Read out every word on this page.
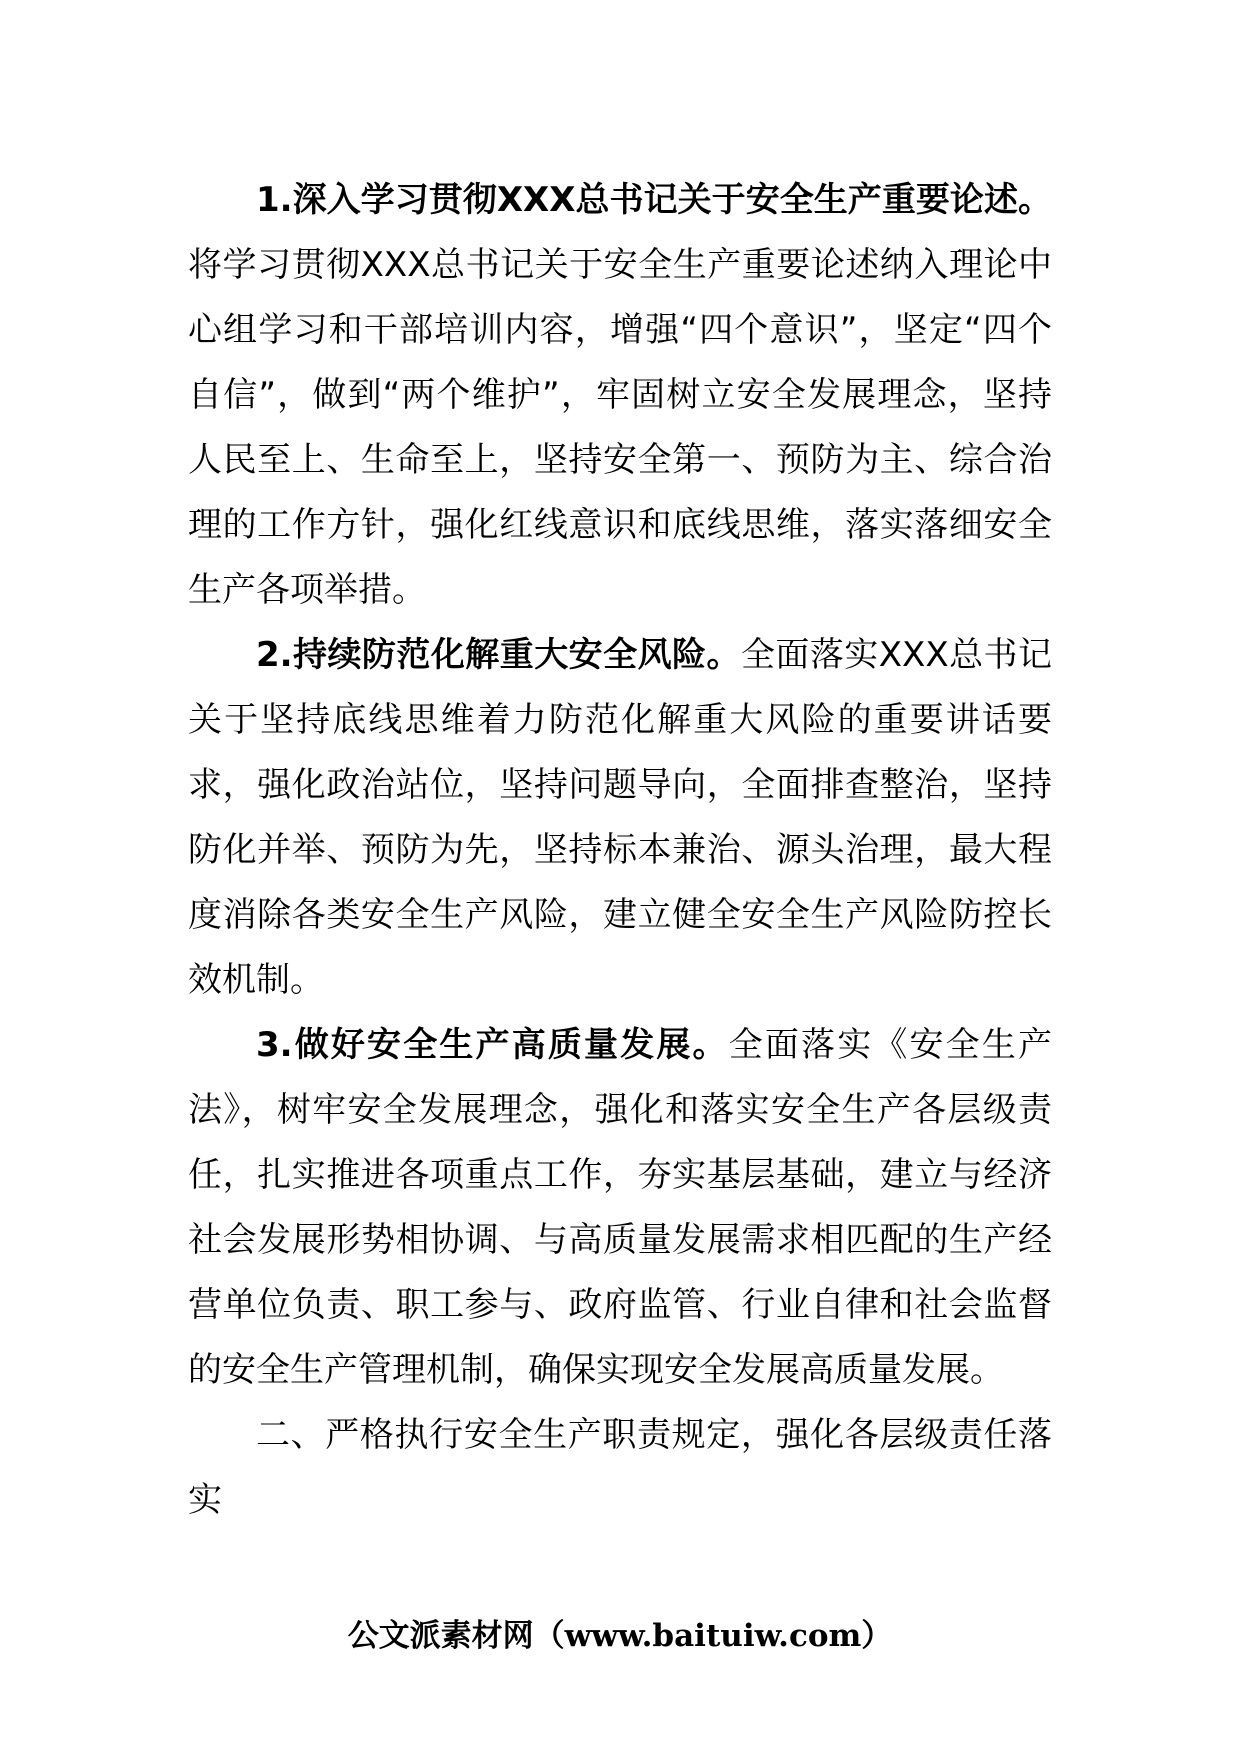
1.深入学习贯彻XXX总书记关于安全生产重要论述。将学习贯彻XXX总书记关于安全生产重要论述纳入理论中心组学习和干部培训内容，增强“四个意识”，坚定“四个自信”，做到“两个维护”，牢固树立安全发展理念，坚持人民至上、生命至上，坚持安全第一、预防为主、综合治理的工作方针，强化红线意识和底线思维，落实落细安全生产各项举措。

2.持续防范化解重大安全风险。全面落实XXX总书记关于坚持底线思维着力防范化解重大风险的重要讲话要求，强化政治站位，坚持问题导向，全面排查整治，坚持防化并举、预防为先，坚持标本兼治、源头治理，最大程度消除各类安全生产风险，建立健全安全生产风险防控长效机制。

3.做好安全生产高质量发展。全面落实《安全生产法》，树牢安全发展理念，强化和落实安全生产各层级责任，扎实推进各项重点工作，夯实基层基础，建立与经济社会发展形势相协调、与高质量发展需求相匹配的生产经营单位负责、职工参与、政府监管、行业自律和社会监督的安全生产管理机制，确保实现安全发展高质量发展。

二、严格执行安全生产职责规定，强化各层级责任落实

公文派素材网（www.baituiw.com）
